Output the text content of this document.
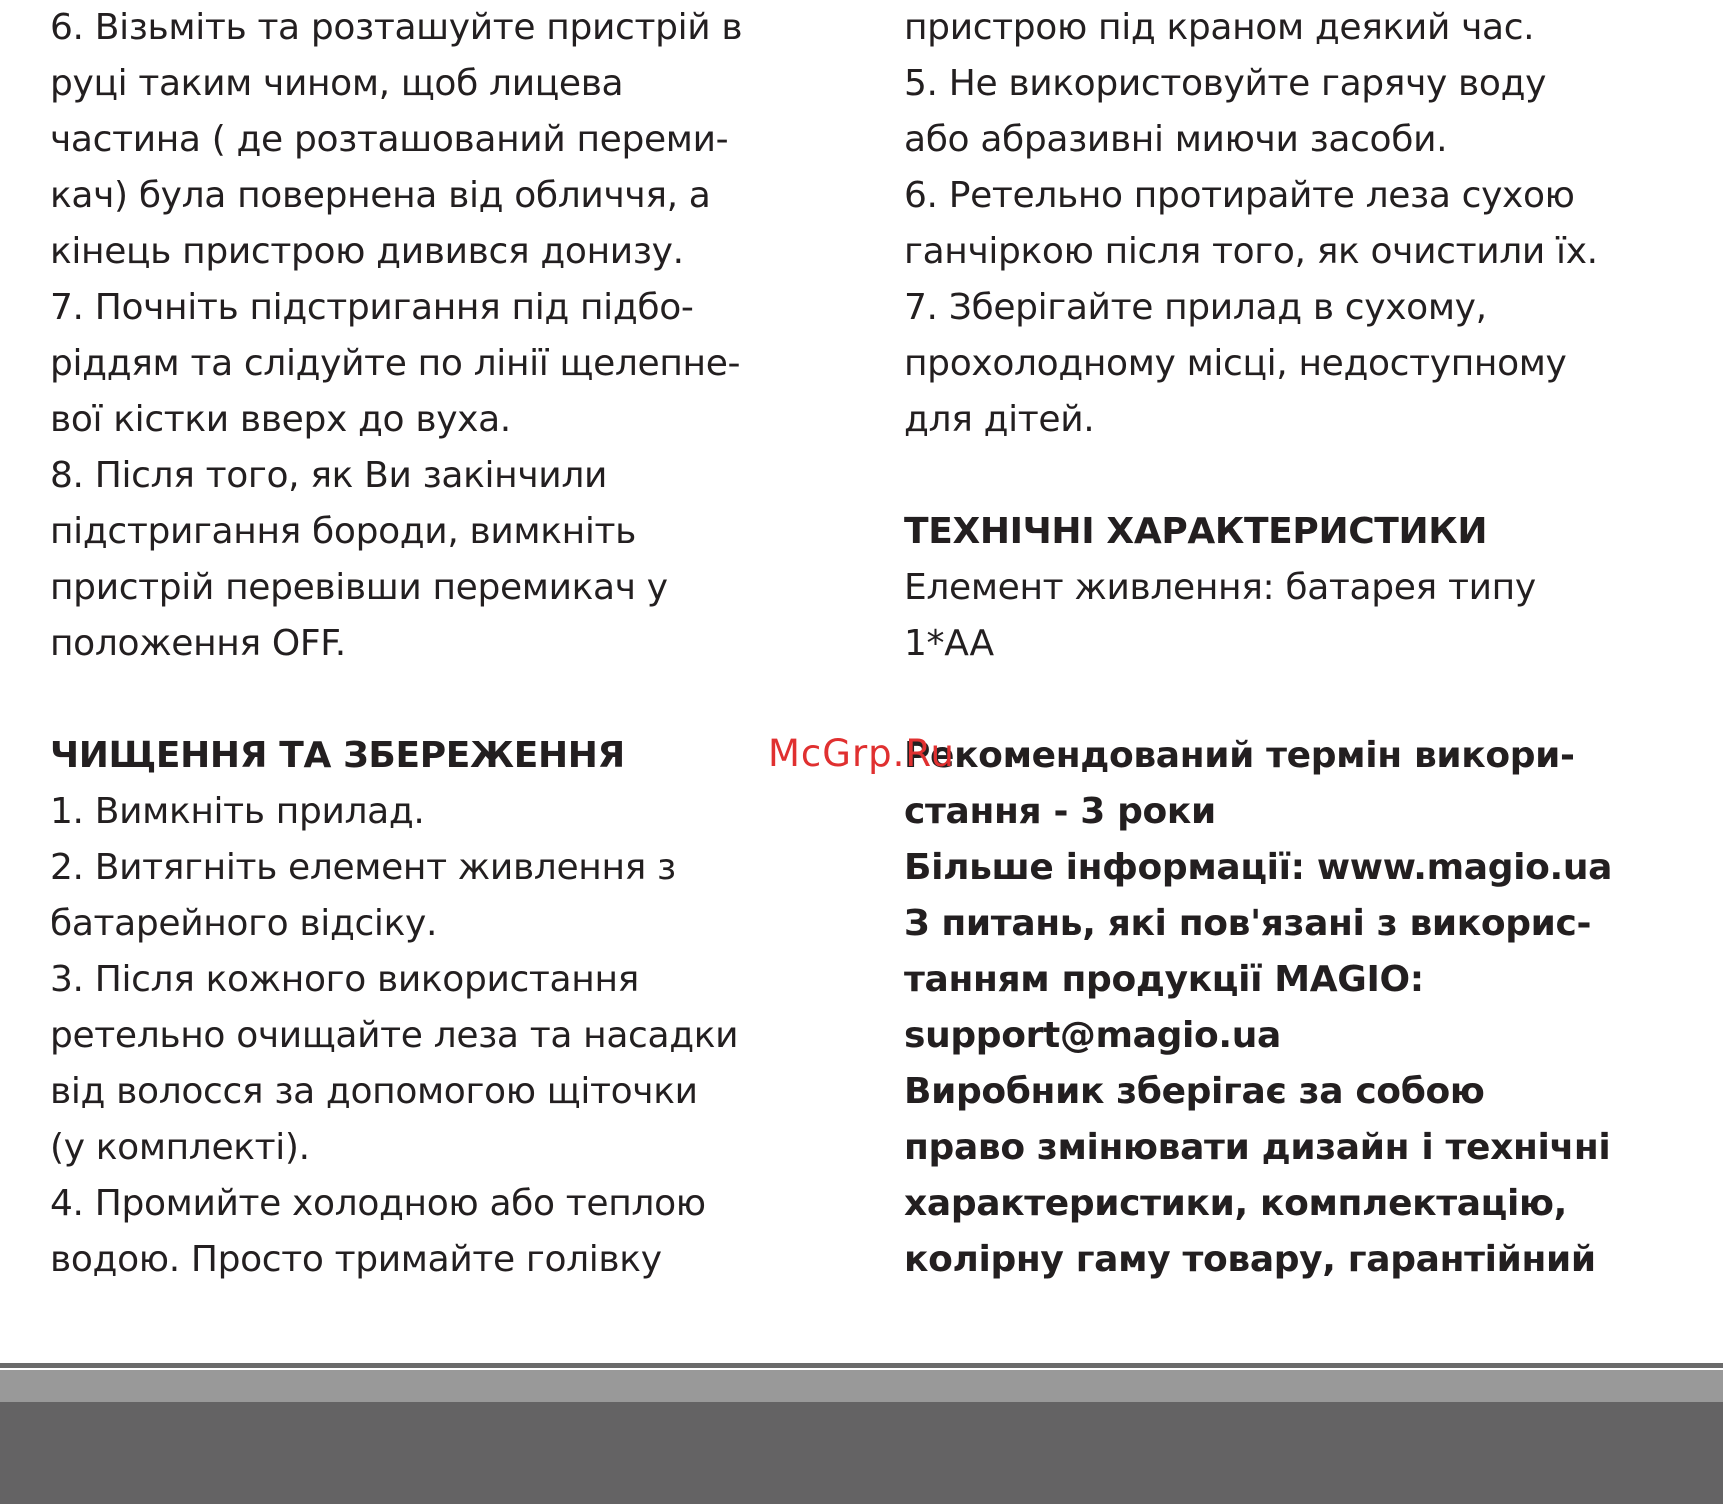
6. Візьміть та розташуйте пристрій в
руці таким чином, щоб лицева
частина ( де розташований переми-
кач) була повернена від обличчя, а
кінець пристрою дивився донизу.
7. Почніть підстригання під підбо-
ріддям та слідуйте по лінії щелепне-
вої кістки вверх до вуха.
8. Після того, як Ви закінчили
підстригання бороди, вимкніть
пристрій перевівши перемикач у
положення OFF.
ЧИЩЕННЯ ТА ЗБЕРЕЖЕННЯ
1. Вимкніть прилад.
2. Витягніть елемент живлення з
батарейного відсіку.
3. Після кожного використання
ретельно очищайте леза та насадки
від волосся за допомогою щіточки
(у комплекті).
4. Промийте холодною або теплою
водою. Просто тримайте голівку
пристрою під краном деякий час.
5. Не використовуйте гарячу воду
або абразивні миючи засоби.
6. Ретельно протирайте леза сухою
ганчіркою після того, як очистили їх.
7. Зберігайте прилад в сухому,
прохолодному місці, недоступному
для дітей.
ТЕХНІЧНІ ХАРАКТЕРИСТИКИ
Елемент живлення: батарея типу
1*AA
Рекомендований термін викори-
стання - 3 роки
Більше інформації: www.magio.ua
З питань, які пов'язані з викорис-
танням продукції MAGIO:
support@magio.ua
Виробник зберігає за собою
право змінювати дизайн і технічні
характеристики, комплектацію,
колірну гаму товару, гарантійний
McGrp.Ru
